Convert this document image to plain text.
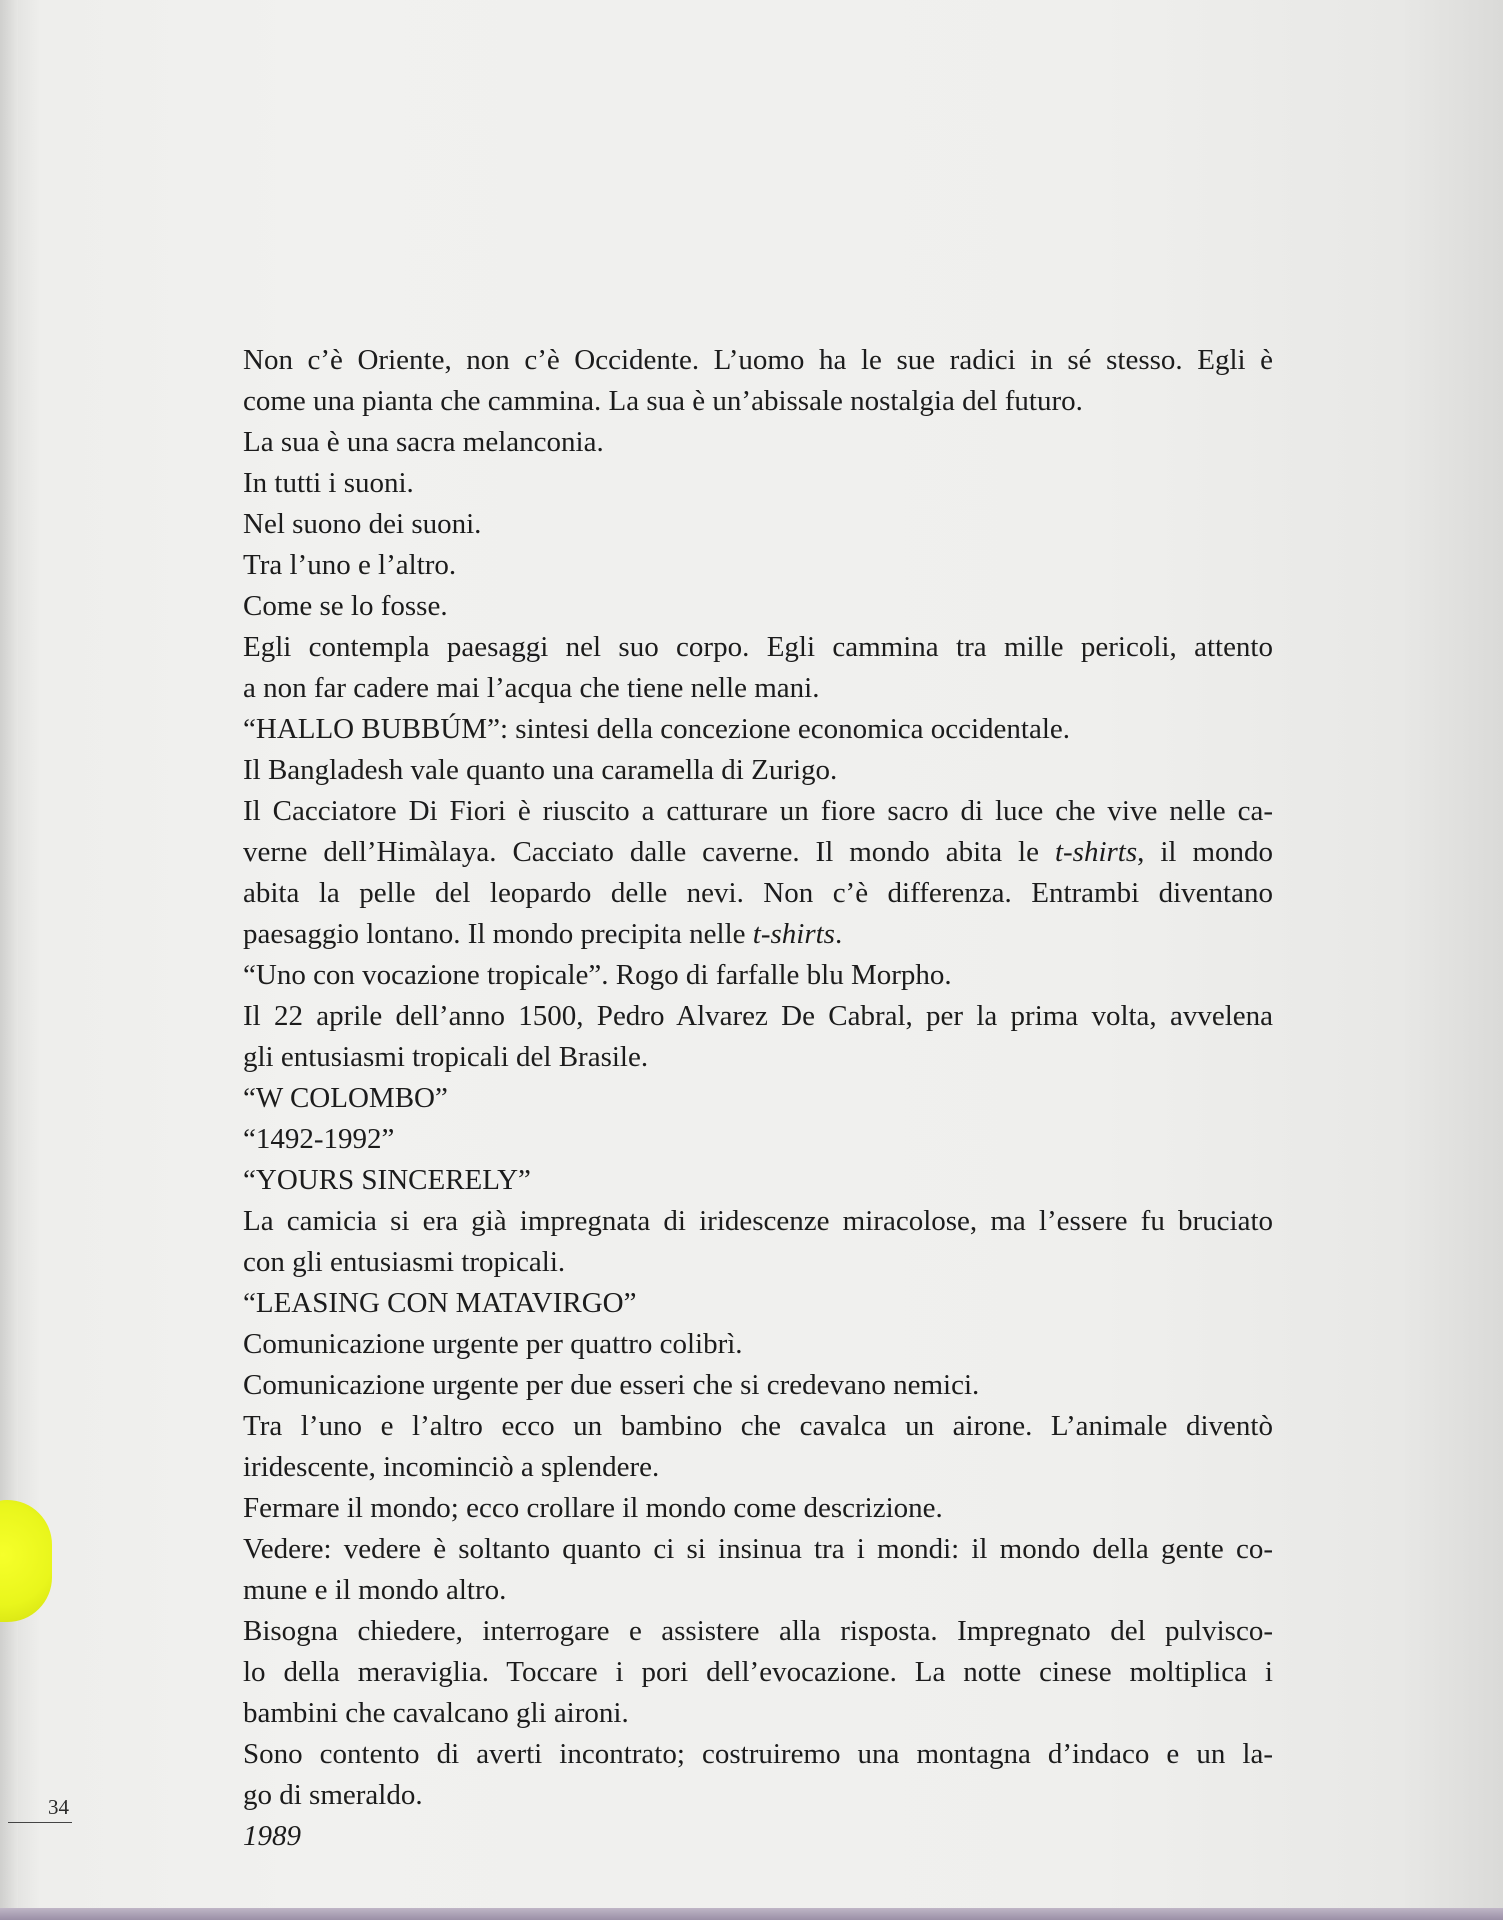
Non c’è Oriente, non c’è Occidente. L’uomo ha le sue radici in sé stesso. Egli è

come una pianta che cammina. La sua è un’abissale nostalgia del futuro.

La sua è una sacra melanconia.

In tutti i suoni.

Nel suono dei suoni.

Tra l’uno e l’altro.

Come se lo fosse.

Egli contempla paesaggi nel suo corpo. Egli cammina tra mille pericoli, attento

a non far cadere mai l’acqua che tiene nelle mani.

“HALLO BUBBÚM”: sintesi della concezione economica occidentale.

Il Bangladesh vale quanto una caramella di Zurigo.

Il Cacciatore Di Fiori è riuscito a catturare un fiore sacro di luce che vive nelle ca-

verne dell’Himàlaya. Cacciato dalle caverne. Il mondo abita le t-shirts, il mondo

abita la pelle del leopardo delle nevi. Non c’è differenza. Entrambi diventano

paesaggio lontano. Il mondo precipita nelle t-shirts.

“Uno con vocazione tropicale”. Rogo di farfalle blu Morpho.

Il 22 aprile dell’anno 1500, Pedro Alvarez De Cabral, per la prima volta, avvelena

gli entusiasmi tropicali del Brasile.

“W COLOMBO”

“1492-1992”

“YOURS SINCERELY”

La camicia si era già impregnata di iridescenze miracolose, ma l’essere fu bruciato

con gli entusiasmi tropicali.

“LEASING CON MATAVIRGO”

Comunicazione urgente per quattro colibrì.

Comunicazione urgente per due esseri che si credevano nemici.

Tra l’uno e l’altro ecco un bambino che cavalca un airone. L’animale diventò

iridescente, incominciò a splendere.

Fermare il mondo; ecco crollare il mondo come descrizione.

Vedere: vedere è soltanto quanto ci si insinua tra i mondi: il mondo della gente co-

mune e il mondo altro.

Bisogna chiedere, interrogare e assistere alla risposta. Impregnato del pulvisco-

lo della meraviglia. Toccare i pori dell’evocazione. La notte cinese moltiplica i

bambini che cavalcano gli aironi.

Sono contento di averti incontrato; costruiremo una montagna d’indaco e un la-

go di smeraldo.

1989

34
